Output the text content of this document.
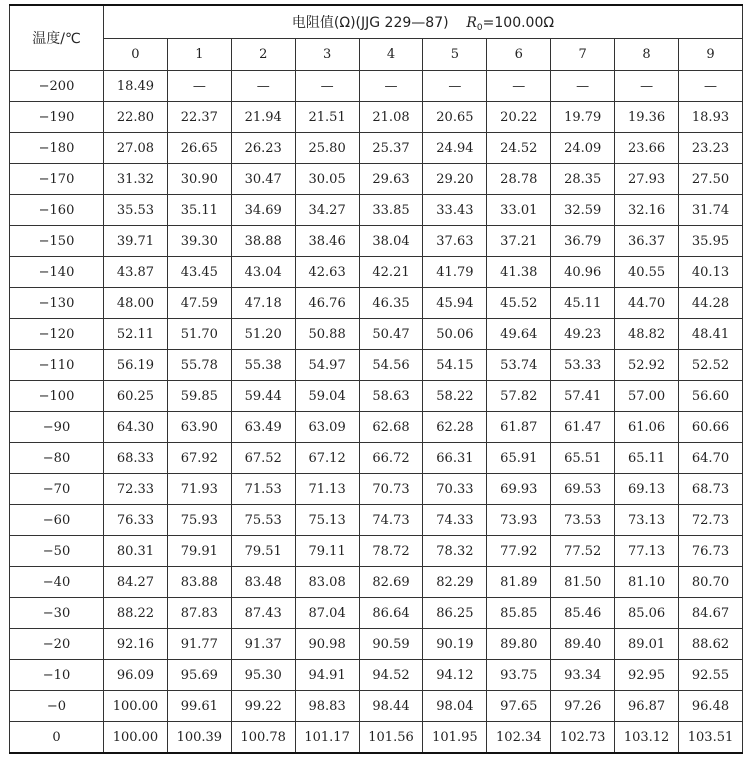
温度/℃	电阻值(Ω)(JJG 229—87) $R_0=100.00\Omega$									
	0	1	2	3	4	5	6	7	8	9
−200	18.49	—	—	—	—	—	—	—	—	—
−190	22.80	22.37	21.94	21.51	21.08	20.65	20.22	19.79	19.36	18.93
−180	27.08	26.65	26.23	25.80	25.37	24.94	24.52	24.09	23.66	23.23
−170	31.32	30.90	30.47	30.05	29.63	29.20	28.78	28.35	27.93	27.50
−160	35.53	35.11	34.69	34.27	33.85	33.43	33.01	32.59	32.16	31.74
−150	39.71	39.30	38.88	38.46	38.04	37.63	37.21	36.79	36.37	35.95
−140	43.87	43.45	43.04	42.63	42.21	41.79	41.38	40.96	40.55	40.13
−130	48.00	47.59	47.18	46.76	46.35	45.94	45.52	45.11	44.70	44.28
−120	52.11	51.70	51.20	50.88	50.47	50.06	49.64	49.23	48.82	48.41
−110	56.19	55.78	55.38	54.97	54.56	54.15	53.74	53.33	52.92	52.52
−100	60.25	59.85	59.44	59.04	58.63	58.22	57.82	57.41	57.00	56.60
−90	64.30	63.90	63.49	63.09	62.68	62.28	61.87	61.47	61.06	60.66
−80	68.33	67.92	67.52	67.12	66.72	66.31	65.91	65.51	65.11	64.70
−70	72.33	71.93	71.53	71.13	70.73	70.33	69.93	69.53	69.13	68.73
−60	76.33	75.93	75.53	75.13	74.73	74.33	73.93	73.53	73.13	72.73
−50	80.31	79.91	79.51	79.11	78.72	78.32	77.92	77.52	77.13	76.73
−40	84.27	83.88	83.48	83.08	82.69	82.29	81.89	81.50	81.10	80.70
−30	88.22	87.83	87.43	87.04	86.64	86.25	85.85	85.46	85.06	84.67
−20	92.16	91.77	91.37	90.98	90.59	90.19	89.80	89.40	89.01	88.62
−10	96.09	95.69	95.30	94.91	94.52	94.12	93.75	93.34	92.95	92.55
−0	100.00	99.61	99.22	98.83	98.44	98.04	97.65	97.26	96.87	96.48
0	100.00	100.39	100.78	101.17	101.56	101.95	102.34	102.73	103.12	103.51
